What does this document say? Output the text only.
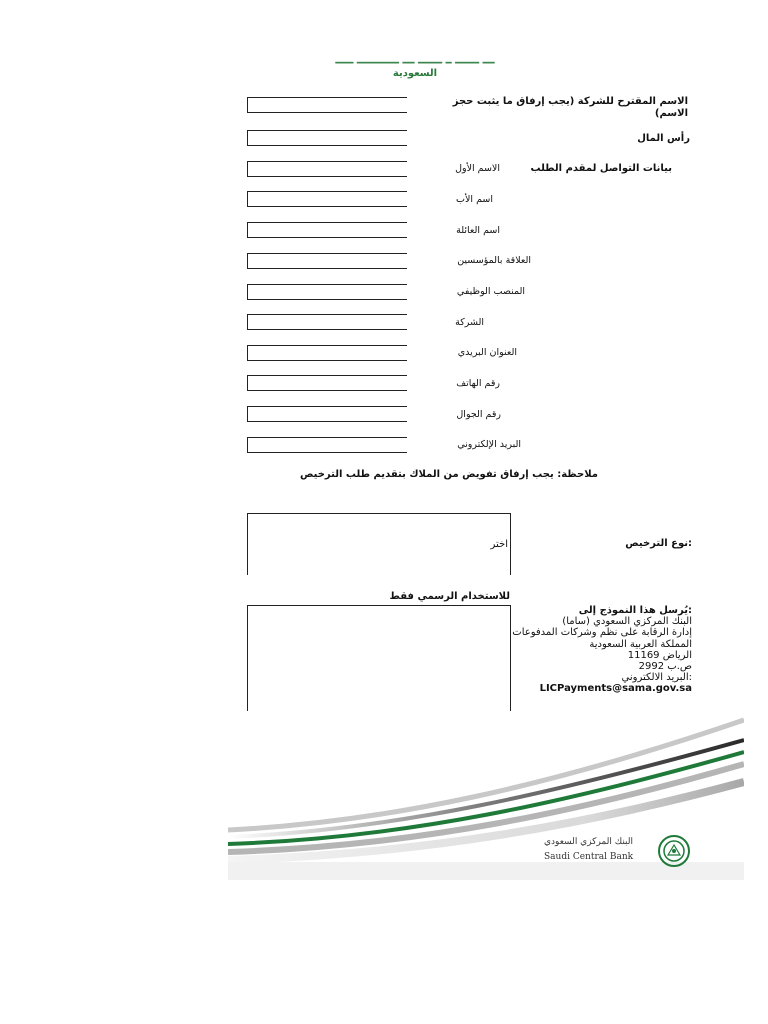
━━ ━━━━ ━ ━━━━ ━━ ━━━━━━━ ━━━
السعودية
الاسم المقترح للشركة (يجب إرفاق ما يثبت حجز الاسم)
رأس المال
بيانات التواصل لمقدم الطلب
الاسم الأول
اسم الأب
اسم العائلة
العلاقة بالمؤسسين
المنصب الوظيفي
الشركة
العنوان البريدي
رقم الهاتف
رقم الجوال
البريد الإلكتروني
ملاحظة: يجب إرفاق تفويض من الملاك بتقديم طلب الترخيص
اختر	:نوع الترخيص
للاستخدام الرسمي فقط
:يُرسل هذا النموذج إلى
البنك المركزي السعودي (ساما)
إدارة الرقابة على نظم وشركات المدفوعات
المملكة العربية السعودية
الرياض 11169
ص.ب 2992
:البريد الالكتروني
LICPayments@sama.gov.sa
البنك المركزي السعودي
Saudi Central Bank
